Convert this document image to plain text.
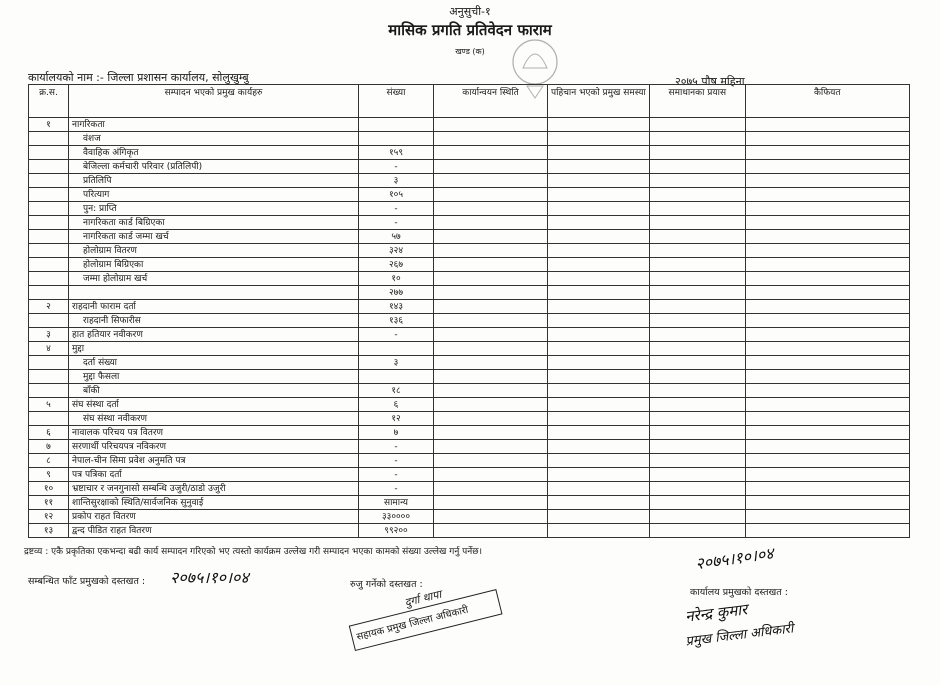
अनुसुची-१
मासिक प्रगति प्रतिवेदन फाराम
खण्ड (क)
कार्यालयको नाम :- जिल्ला प्रशासन कार्यालय, सोलुखुम्बु	२०७५ पौष महिना
क्र.स.	सम्पादन भएको प्रमुख कार्यहरु	संख्या	कार्यान्वयन स्थिति	पहिचान भएको प्रमुख समस्या	समाधानका प्रयास	कैफियत
१	नागरिकता					
	वंशज					
	वैवाहिक अंगिकृत	१५९				
	बेजिल्ला कर्मचारी परिवार (प्रतिलिपी)	-				
	प्रतिलिपि	३				
	परित्याग	१०५				
	पुन: प्राप्ति	-				
	नागरिकता कार्ड बिग्रिएका	-				
	नागरिकता कार्ड जम्मा खर्च	५७				
	होलोग्राम वितरण	३२४				
	होलोग्राम बिग्रिएका	२६७				
	जम्मा होलोग्राम खर्च	१०				
		२७७				
२	राहदानी फाराम दर्ता	१४३				
	राहदानी सिफारीस	१३६				
३	हात हतियार नवीकरण	-				
४	मुद्दा					
	दर्ता संख्या	३				
	मुद्दा फैसला					
	बाँकी	१८				
५	संघ संस्था दर्ता	६				
	संघ संस्था नवीकरण	१२				
६	नावालक परिचय पत्र वितरण	७				
७	सरणार्थी परिचयपत्र नविकरण	-				
८	नेपाल-चीन सिमा प्रवेश अनुमति पत्र	-				
९	पत्र पत्रिका दर्ता	-				
१०	भ्रष्टाचार र जनगुनासो सम्बन्धि उजुरी/ठाडो उजुरी	-				
११	शान्तिसुरक्षाको स्थिति/सार्वजनिक सुनुवाई	सामान्य				
१२	प्रकोप राहत वितरण	३३००००				
१३	द्वन्द पीडित राहत वितरण	९९२००				
द्रष्टव्य : एकै प्रकृतिका एकभन्दा बढी कार्य सम्पादन गरिएको भए त्यस्तो कार्यक्रम उल्लेख गरी सम्पादन भएका कामको संख्या उल्लेख गर्नु पर्नेछ।
सम्बन्धित फाँट प्रमुखको दस्तखत : २०७५।१०।०४	रुजु गर्नेको दस्तखत :
दुर्गा थापा
सहायक प्रमुख जिल्ला अधिकारी
२०७५।१०।०४
कार्यालय प्रमुखको दस्तखत :
नरेन्द्र कुमार
प्रमुख जिल्ला अधिकारी
